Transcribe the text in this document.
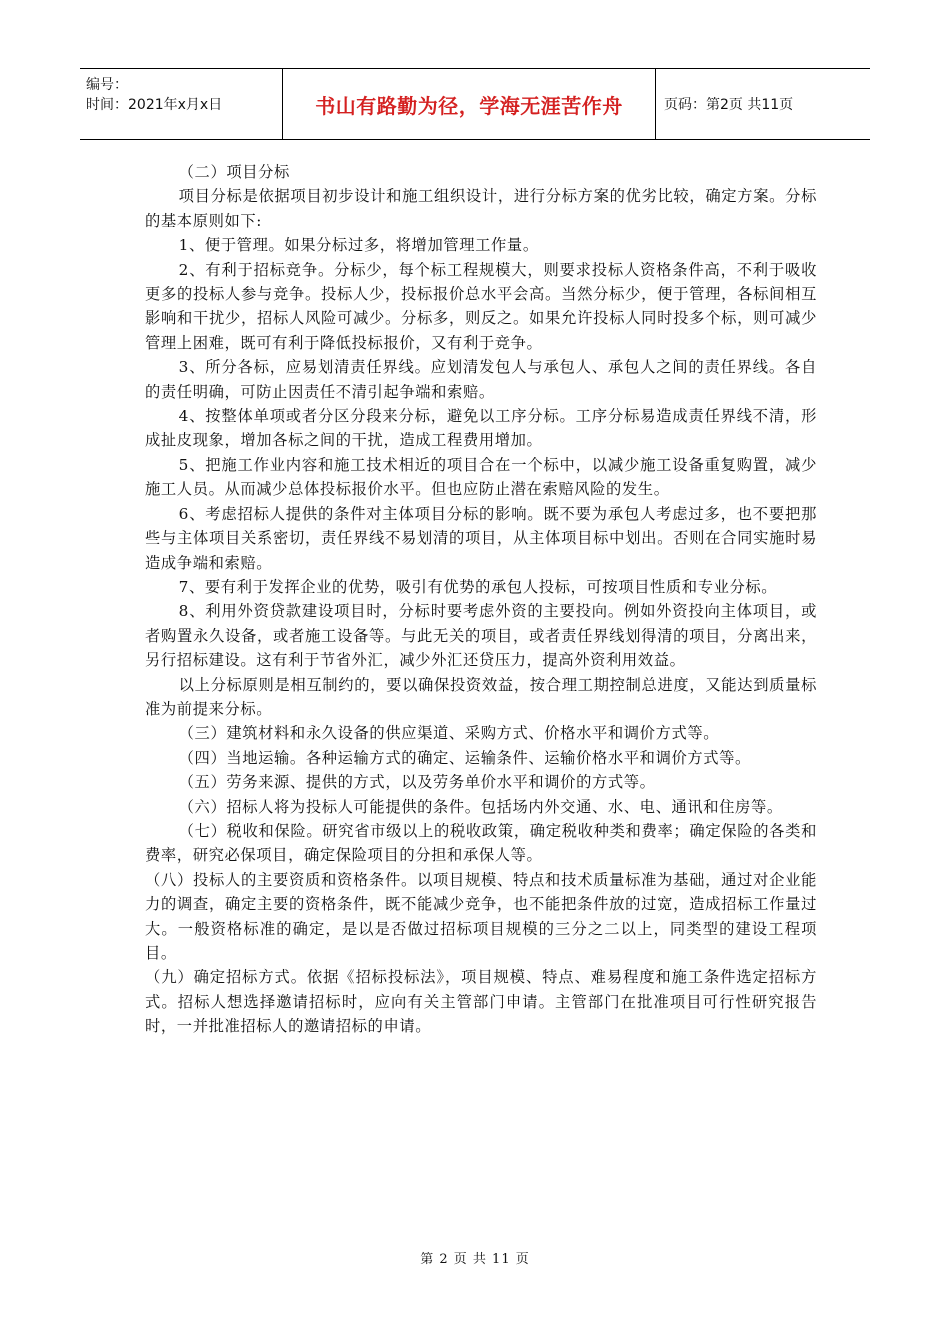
编号：
时间：2021年x月x日	书山有路勤为径，学海无涯苦作舟	页码：第2页 共11页

（二）项目分标

项目分标是依据项目初步设计和施工组织设计，进行分标方案的优劣比较，确定方案。分标的基本原则如下:

1、便于管理。如果分标过多，将增加管理工作量。

2、有利于招标竞争。分标少，每个标工程规模大，则要求投标人资格条件高，不利于吸收更多的投标人参与竞争。投标人少，投标报价总水平会高。当然分标少，便于管理，各标间相互影响和干扰少，招标人风险可减少。分标多，则反之。如果允许投标人同时投多个标，则可减少管理上困难，既可有利于降低投标报价，又有利于竞争。

3、所分各标，应易划清责任界线。应划清发包人与承包人、承包人之间的责任界线。各自的责任明确，可防止因责任不清引起争端和索赔。

4、按整体单项或者分区分段来分标，避免以工序分标。工序分标易造成责任界线不清，形成扯皮现象，增加各标之间的干扰，造成工程费用增加。

5、把施工作业内容和施工技术相近的项目合在一个标中，以减少施工设备重复购置，减少施工人员。从而减少总体投标报价水平。但也应防止潜在索赔风险的发生。

6、考虑招标人提供的条件对主体项目分标的影响。既不要为承包人考虑过多，也不要把那些与主体项目关系密切，责任界线不易划清的项目，从主体项目标中划出。否则在合同实施时易造成争端和索赔。

7、要有利于发挥企业的优势，吸引有优势的承包人投标，可按项目性质和专业分标。

8、利用外资贷款建设项目时，分标时要考虑外资的主要投向。例如外资投向主体项目，或者购置永久设备，或者施工设备等。与此无关的项目，或者责任界线划得清的项目，分离出来，另行招标建设。这有利于节省外汇，减少外汇还贷压力，提高外资利用效益。

以上分标原则是相互制约的，要以确保投资效益，按合理工期控制总进度，又能达到质量标准为前提来分标。

（三）建筑材料和永久设备的供应渠道、采购方式、价格水平和调价方式等。

（四）当地运输。各种运输方式的确定、运输条件、运输价格水平和调价方式等。

（五）劳务来源、提供的方式，以及劳务单价水平和调价的方式等。

（六）招标人将为投标人可能提供的条件。包括场内外交通、水、电、通讯和住房等。

（七）税收和保险。研究省市级以上的税收政策，确定税收种类和费率；确定保险的各类和费率，研究必保项目，确定保险项目的分担和承保人等。

（八）投标人的主要资质和资格条件。以项目规模、特点和技术质量标准为基础，通过对企业能力的调查，确定主要的资格条件，既不能减少竞争，也不能把条件放的过宽，造成招标工作量过大。一般资格标准的确定，是以是否做过招标项目规模的三分之二以上，同类型的建设工程项目。

（九）确定招标方式。依据《招标投标法》，项目规模、特点、难易程度和施工条件选定招标方式。招标人想选择邀请招标时，应向有关主管部门申请。主管部门在批准项目可行性研究报告时，一并批准招标人的邀请招标的申请。

第 2 页 共 11 页
